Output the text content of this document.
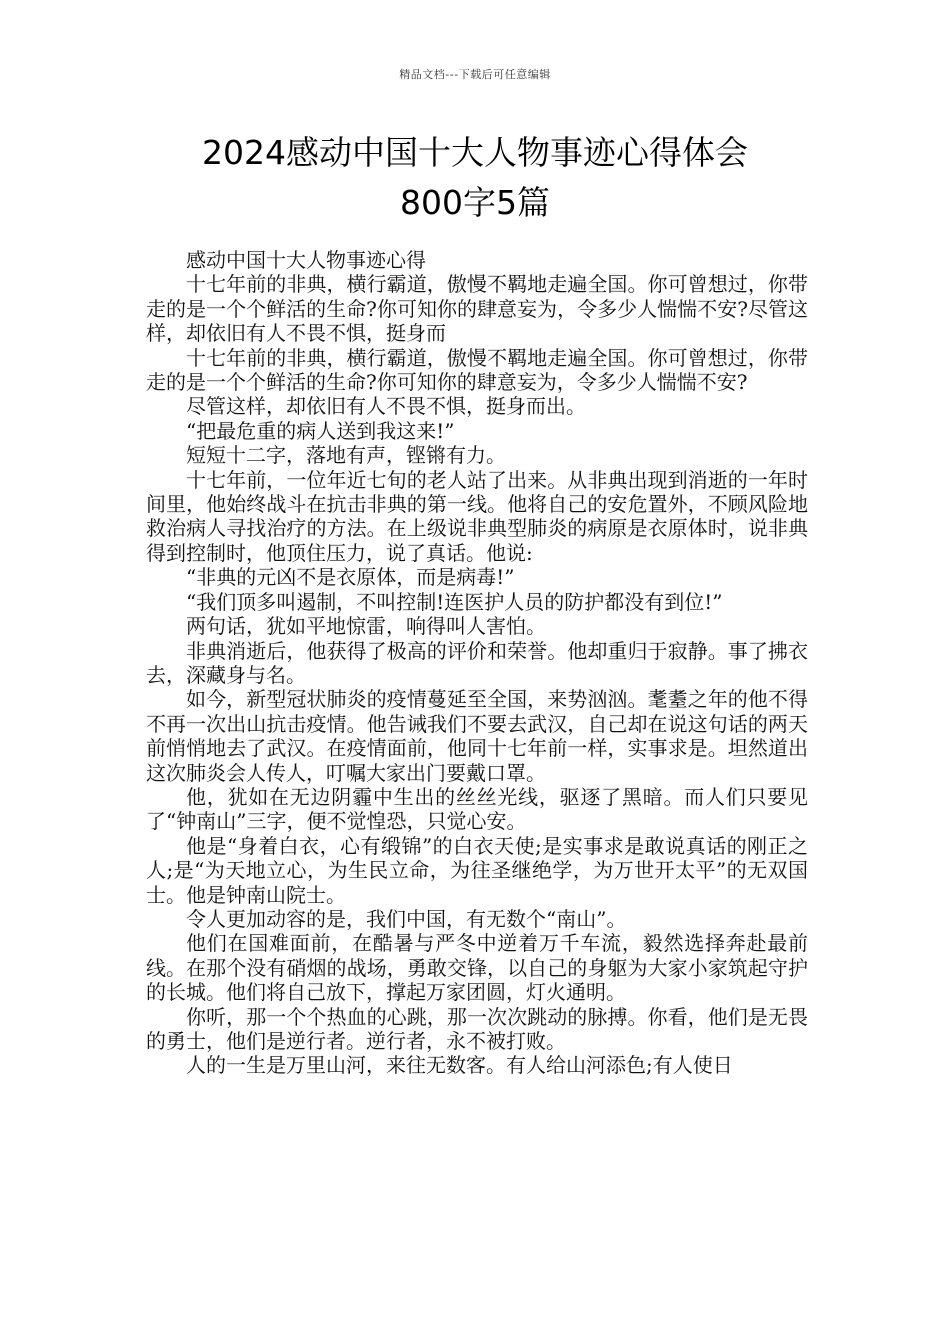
精品文档---下载后可任意编辑
2024感动中国十大人物事迹心得体会
800字5篇

感动中国十大人物事迹心得

十七年前的非典，横行霸道，傲慢不羁地走遍全国。你可曾想过，你带走的是一个个鲜活的生命?你可知你的肆意妄为，令多少人惴惴不安?尽管这样，却依旧有人不畏不惧，挺身而

十七年前的非典，横行霸道，傲慢不羁地走遍全国。你可曾想过，你带走的是一个个鲜活的生命?你可知你的肆意妄为，令多少人惴惴不安?

尽管这样，却依旧有人不畏不惧，挺身而出。

“把最危重的病人送到我这来!”

短短十二字，落地有声，铿锵有力。

十七年前，一位年近七旬的老人站了出来。从非典出现到消逝的一年时间里，他始终战斗在抗击非典的第一线。他将自己的安危置外，不顾风险地救治病人寻找治疗的方法。在上级说非典型肺炎的病原是衣原体时，说非典得到控制时，他顶住压力，说了真话。他说:

“非典的元凶不是衣原体，而是病毒!”

“我们顶多叫遏制，不叫控制!连医护人员的防护都没有到位!”

两句话，犹如平地惊雷，响得叫人害怕。

非典消逝后，他获得了极高的评价和荣誉。他却重归于寂静。事了拂衣去，深藏身与名。

如今，新型冠状肺炎的疫情蔓延至全国，来势汹汹。耄耋之年的他不得不再一次出山抗击疫情。他告诫我们不要去武汉，自己却在说这句话的两天前悄悄地去了武汉。在疫情面前，他同十七年前一样，实事求是。坦然道出这次肺炎会人传人，叮嘱大家出门要戴口罩。

他，犹如在无边阴霾中生出的丝丝光线，驱逐了黑暗。而人们只要见了“钟南山”三字，便不觉惶恐，只觉心安。

他是“身着白衣，心有缎锦”的白衣天使;是实事求是敢说真话的刚正之人;是“为天地立心，为生民立命，为往圣继绝学，为万世开太平”的无双国士。他是钟南山院士。

令人更加动容的是，我们中国，有无数个“南山”。

他们在国难面前，在酷暑与严冬中逆着万千车流，毅然选择奔赴最前线。在那个没有硝烟的战场，勇敢交锋，以自己的身躯为大家小家筑起守护的长城。他们将自己放下，撑起万家团圆，灯火通明。

你听，那一个个热血的心跳，那一次次跳动的脉搏。你看，他们是无畏的勇士，他们是逆行者。逆行者，永不被打败。

人的一生是万里山河，来往无数客。有人给山河添色;有人使日
